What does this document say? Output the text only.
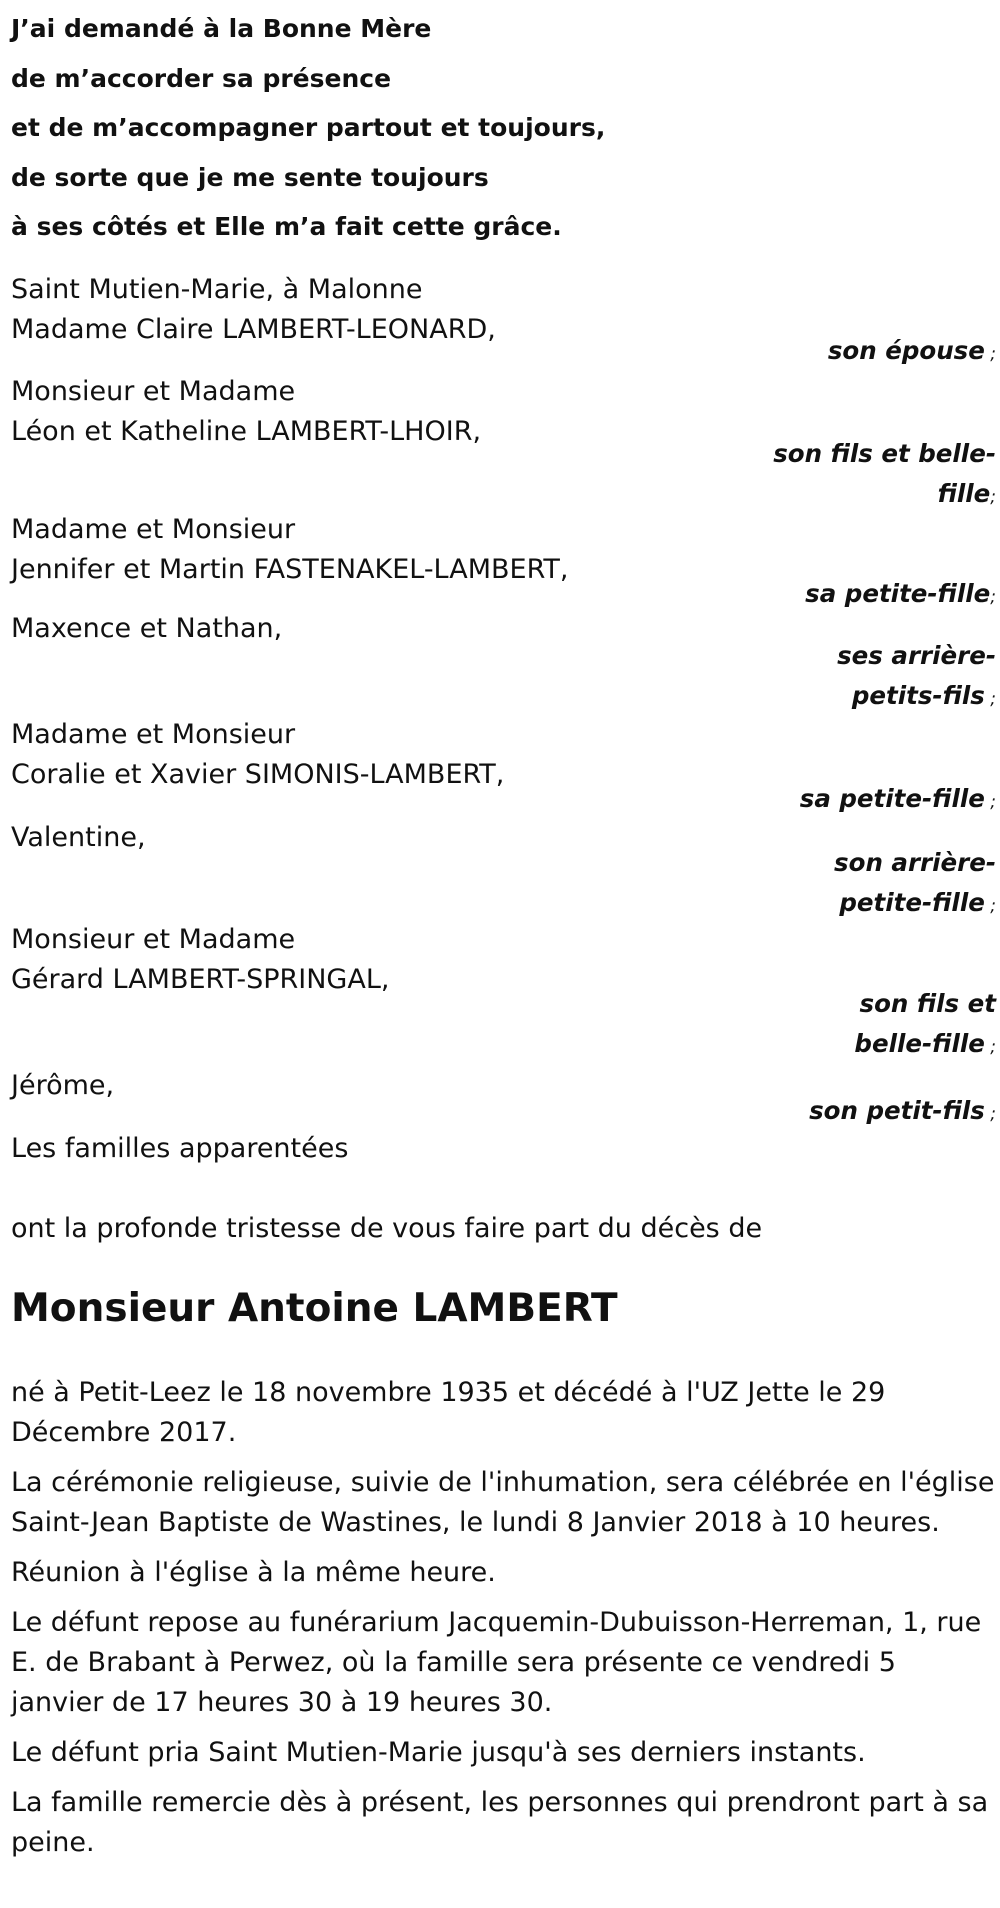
J’ai demandé à la Bonne Mère
de m’accorder sa présence
et de m’accompagner partout et toujours,
de sorte que je me sente toujours
à ses côtés et Elle m’a fait cette grâce.
Saint Mutien-Marie, à Malonne
Madame Claire LAMBERT-LEONARD,
son épouse ;
Monsieur et Madame
Léon et Katheline LAMBERT-LHOIR,
son fils et belle-
fille;
Madame et Monsieur
Jennifer et Martin FASTENAKEL-LAMBERT,
sa petite-fille;
Maxence et Nathan,
ses arrière-
petits-fils ;
Madame et Monsieur
Coralie et Xavier SIMONIS-LAMBERT,
sa petite-fille ;
Valentine,
son arrière-
petite-fille ;
Monsieur et Madame
Gérard LAMBERT-SPRINGAL,
son fils et
belle-fille ;
Jérôme,
son petit-fils ;
Les familles apparentées
ont la profonde tristesse de vous faire part du décès de
Monsieur Antoine LAMBERT

né à Petit-Leez le 18 novembre 1935 et décédé à l'UZ Jette le 29 Décembre 2017.

La cérémonie religieuse, suivie de l'inhumation, sera célébrée en l'église Saint-Jean Baptiste de Wastines, le lundi 8 Janvier 2018 à 10 heures.

Réunion à l'église à la même heure.

Le défunt repose au funérarium Jacquemin-Dubuisson-Herreman, 1, rue E. de Brabant à Perwez, où la famille sera présente ce vendredi 5 janvier de 17 heures 30 à 19 heures 30.

Le défunt pria Saint Mutien-Marie jusqu'à ses derniers instants.

La famille remercie dès à présent, les personnes qui prendront part à sa peine.
